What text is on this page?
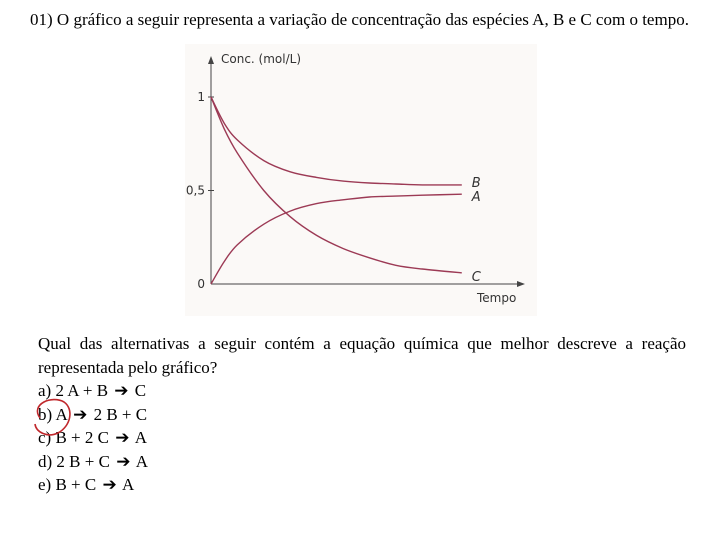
01) O gráfico a seguir representa a variação de concentração das espécies A, B e C com o tempo.

Conc. (mol/L)
Tempo
1
0,5
0
B
A
C
Qual das alternativas a seguir contém a equação química que melhor descreve a reação representada pelo gráfico?
a) 2 A + B ➔ C
b) A ➔ 2 B + C
c) B + 2 C ➔ A
d) 2 B + C ➔ A
e) B + C ➔ A
